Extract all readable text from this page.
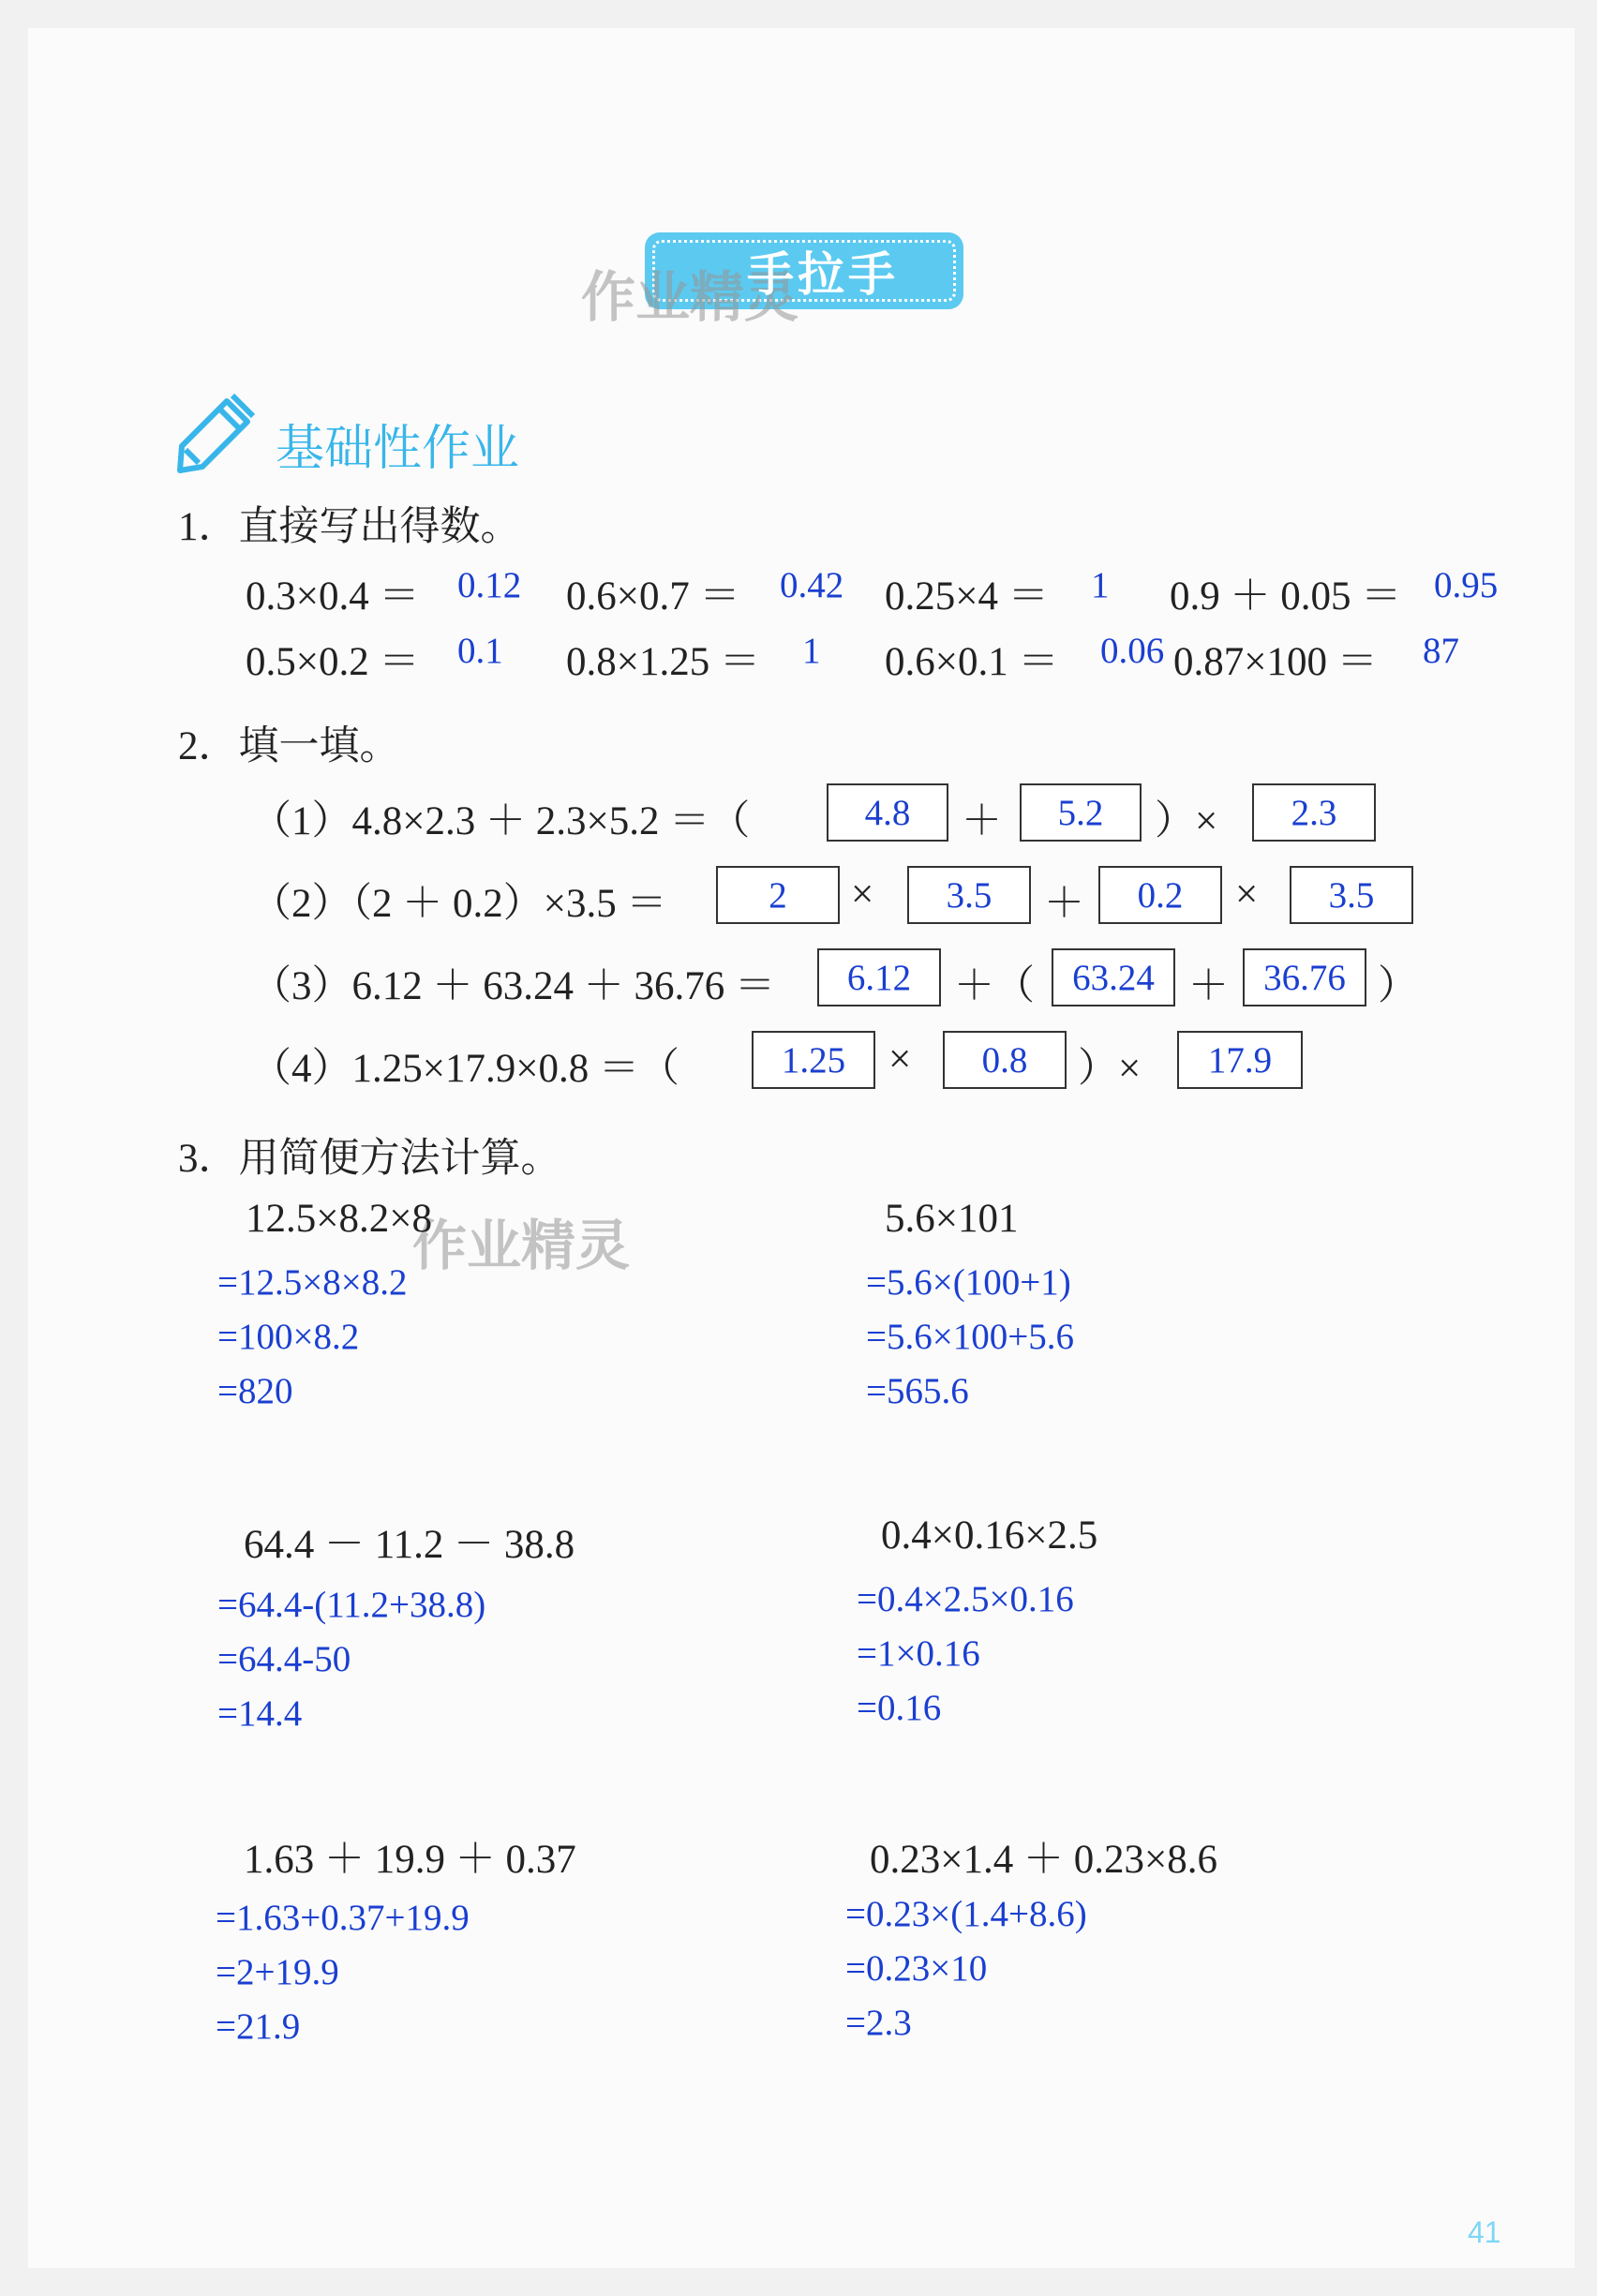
手拉手
作业精灵
基础性作业
1．直接写出得数。
0.3×0.4 ＝ 0.12 0.6×0.7 ＝ 0.42 0.25×4 ＝ 1 0.9 ＋ 0.05 ＝ 0.95
0.5×0.2 ＝ 0.1 0.8×1.25 ＝ 1 0.6×0.1 ＝ 0.06 0.87×100 ＝ 87
2．填一填。
（1）4.8×2.3 ＋ 2.3×5.2 ＝（	4.8	＋	5.2	）×	2.3
（2）（2 ＋ 0.2）×3.5 ＝	2	×	3.5	＋	0.2	×	3.5
（3）6.12 ＋ 63.24 ＋ 36.76 ＝	6.12	＋（	63.24 ＋ 36.76 ）
（4）1.25×17.9×0.8 ＝（	1.25	×	0.8	）×	17.9
3．用简便方法计算。
作业精灵
12.5×8.2×8
=12.5×8×8.2
=100×8.2
=820
5.6×101
=5.6×(100+1)
=5.6×100+5.6
=565.6
64.4 － 11.2 － 38.8
=64.4-(11.2+38.8)
=64.4-50
=14.4
0.4×0.16×2.5
=0.4×2.5×0.16
=1×0.16
=0.16
1.63 ＋ 19.9 ＋ 0.37
=1.63+0.37+19.9
=2+19.9
=21.9
0.23×1.4 ＋ 0.23×8.6
=0.23×(1.4+8.6)
=0.23×10
=2.3
41
